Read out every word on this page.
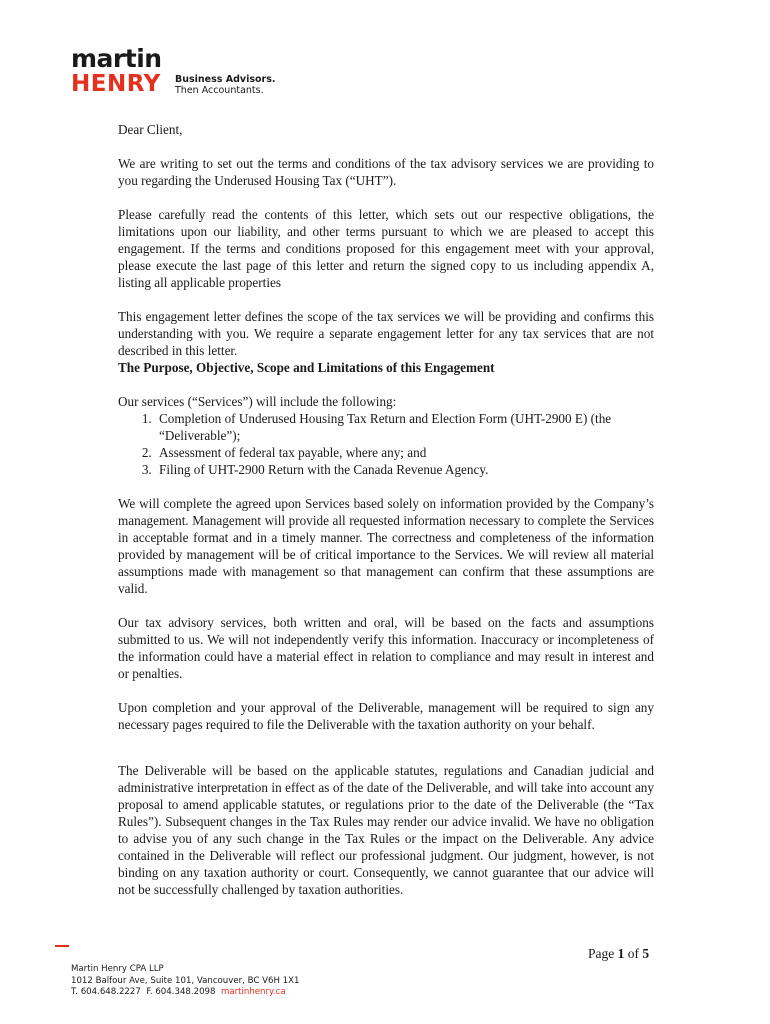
martin
HENRY Business Advisors.
Then Accountants.

Dear Client,

We are writing to set out the terms and conditions of the tax advisory services we are providing to you regarding the Underused Housing Tax (“UHT”).

Please carefully read the contents of this letter, which sets out our respective obligations, the limitations upon our liability, and other terms pursuant to which we are pleased to accept this engagement. If the terms and conditions proposed for this engagement meet with your approval, please execute the last page of this letter and return the signed copy to us including appendix A, listing all applicable properties

This engagement letter defines the scope of the tax services we will be providing and confirms this understanding with you. We require a separate engagement letter for any tax services that are not described in this letter.

The Purpose, Objective, Scope and Limitations of this Engagement

Our services (“Services”) will include the following:

1. Completion of Underused Housing Tax Return and Election Form (UHT-2900 E) (the “Deliverable”);
2. Assessment of federal tax payable, where any; and
3. Filing of UHT-2900 Return with the Canada Revenue Agency.

We will complete the agreed upon Services based solely on information provided by the Company’s management. Management will provide all requested information necessary to complete the Services in acceptable format and in a timely manner. The correctness and completeness of the information provided by management will be of critical importance to the Services. We will review all material assumptions made with management so that management can confirm that these assumptions are valid.

Our tax advisory services, both written and oral, will be based on the facts and assumptions submitted to us. We will not independently verify this information. Inaccuracy or incompleteness of the information could have a material effect in relation to compliance and may result in interest and or penalties.

Upon completion and your approval of the Deliverable, management will be required to sign any necessary pages required to file the Deliverable with the taxation authority on your behalf.

The Deliverable will be based on the applicable statutes, regulations and Canadian judicial and administrative interpretation in effect as of the date of the Deliverable, and will take into account any proposal to amend applicable statutes, or regulations prior to the date of the Deliverable (the “Tax Rules”). Subsequent changes in the Tax Rules may render our advice invalid. We have no obligation to advise you of any such change in the Tax Rules or the impact on the Deliverable. Any advice contained in the Deliverable will reflect our professional judgment. Our judgment, however, is not binding on any taxation authority or court. Consequently, we cannot guarantee that our advice will not be successfully challenged by taxation authorities.

Page 1 of 5
Martin Henry CPA LLP
1012 Balfour Ave, Suite 101, Vancouver, BC V6H 1X1
T. 604.648.2227 F. 604.348.2098 martinhenry.ca
